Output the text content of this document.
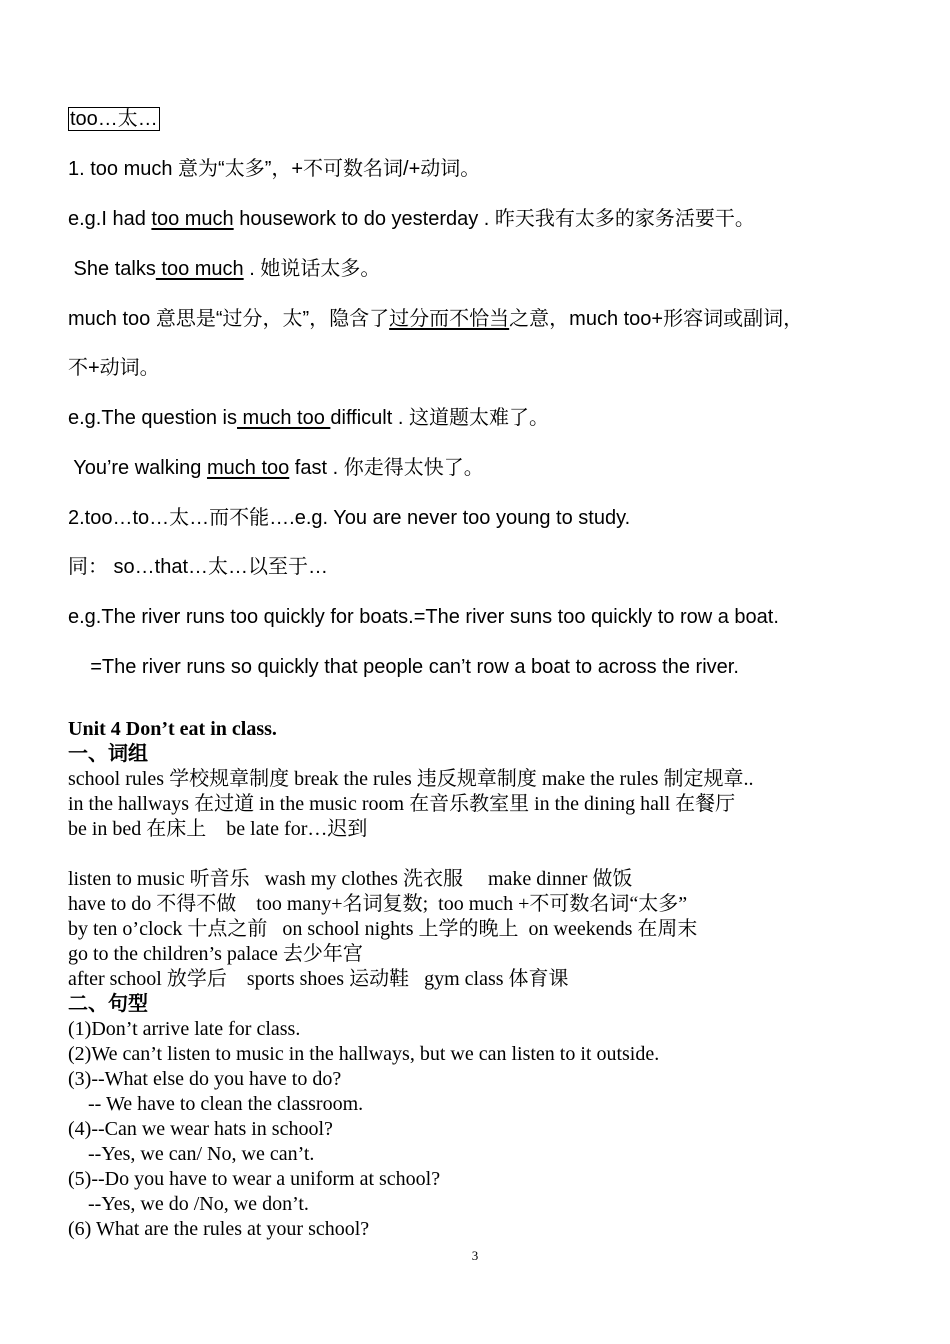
too…太…
1. too much 意为“太多”，+不可数名词/+动词。
e.g.I had too much housework to do yesterday . 昨天我有太多的家务活要干。
She talks too much . 她说话太多。
much too 意思是“过分，太”，隐含了过分而不恰当之意，much too+形容词或副词，
不+动词。
e.g.The question is much too difficult . 这道题太难了。
You’re walking much too fast . 你走得太快了。
2.too…to…太…而不能….e.g. You are never too young to study.
同： so…that…太…以至于…
e.g.The river runs too quickly for boats.=The river suns too quickly to row a boat.
=The river runs so quickly that people can’t row a boat to across the river.
Unit 4 Don’t eat in class.
一、词组
school rules 学校规章制度 break the rules 违反规章制度 make the rules 制定规章..
in the hallways 在过道 in the music room 在音乐教室里 in the dining hall 在餐厅
be in bed 在床上    be late for…迟到
listen to music 听音乐   wash my clothes 洗衣服     make dinner 做饭
have to do 不得不做    too many+名词复数;  too much +不可数名词“太多”
by ten o’clock 十点之前   on school nights 上学的晚上  on weekends 在周末
go to the children’s palace 去少年宫
after school 放学后    sports shoes 运动鞋   gym class 体育课
二、句型
(1)Don’t arrive late for class.
(2)We can’t listen to music in the hallways, but we can listen to it outside.
(3)--What else do you have to do?
-- We have to clean the classroom.
(4)--Can we wear hats in school?
--Yes, we can/ No, we can’t.
(5)--Do you have to wear a uniform at school?
--Yes, we do /No, we don’t.
(6) What are the rules at your school?
3
